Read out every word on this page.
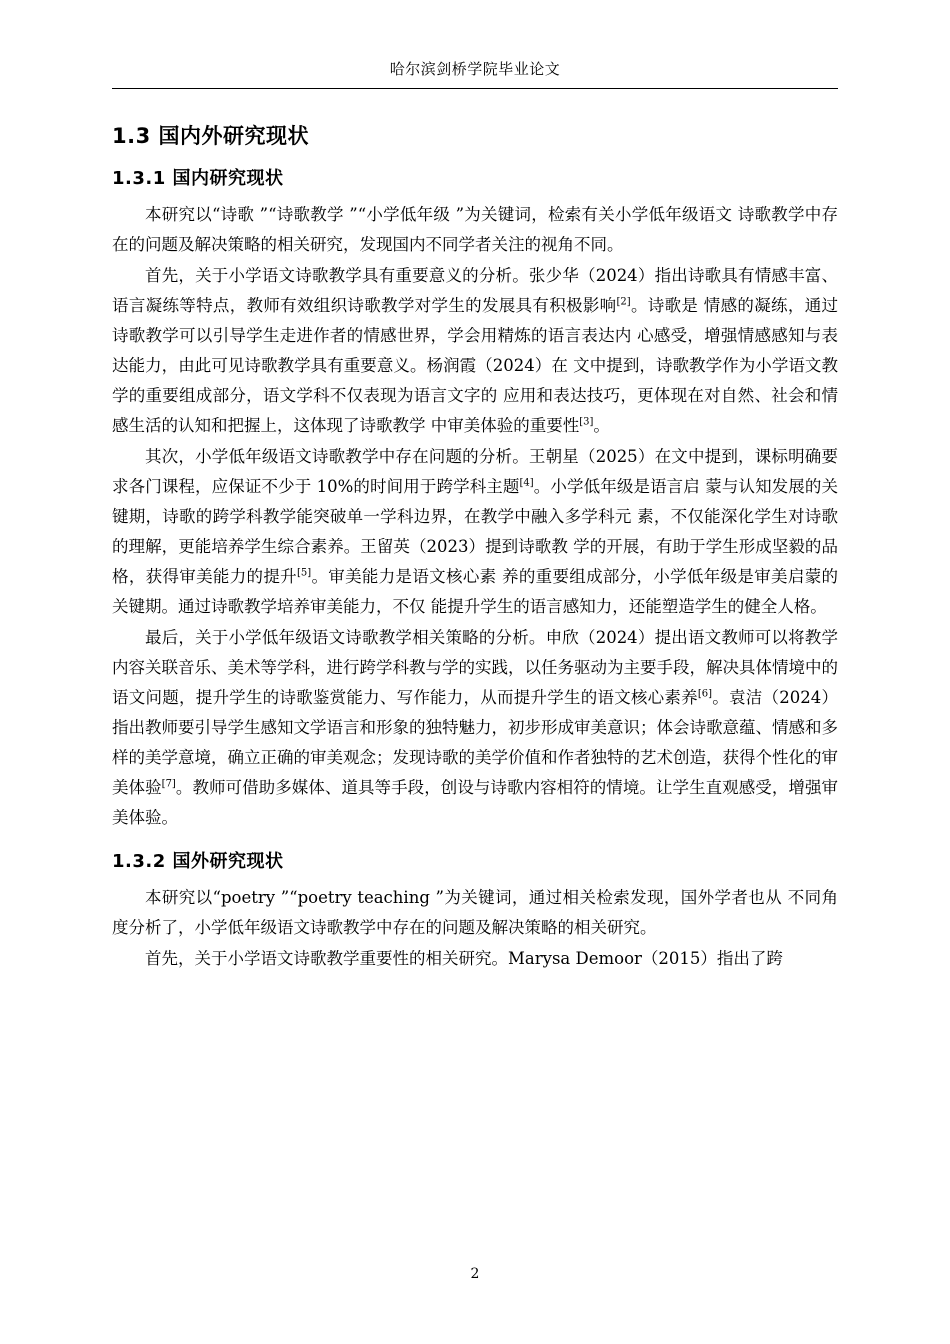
哈尔滨剑桥学院毕业论文
1.3 国内外研究现状
1.3.1 国内研究现状

本研究以“诗歌 ”“诗歌教学 ”“小学低年级 ”为关键词，检索有关小学低年级语文 诗歌教学中存在的问题及解决策略的相关研究，发现国内不同学者关注的视角不同。

首先，关于小学语文诗歌教学具有重要意义的分析。张少华（2024）指出诗歌具有情感丰富、语言凝练等特点，教师有效组织诗歌教学对学生的发展具有积极影响[2]。诗歌是 情感的凝练，通过诗歌教学可以引导学生走进作者的情感世界，学会用精炼的语言表达内 心感受，增强情感感知与表达能力，由此可见诗歌教学具有重要意义。杨润霞（2024）在 文中提到，诗歌教学作为小学语文教学的重要组成部分，语文学科不仅表现为语言文字的 应用和表达技巧，更体现在对自然、社会和情感生活的认知和把握上，这体现了诗歌教学 中审美体验的重要性[3]。

其次，小学低年级语文诗歌教学中存在问题的分析。王朝星（2025）在文中提到，课标明确要求各门课程，应保证不少于 10%的时间用于跨学科主题[4]。小学低年级是语言启 蒙与认知发展的关键期，诗歌的跨学科教学能突破单一学科边界，在教学中融入多学科元 素，不仅能深化学生对诗歌的理解，更能培养学生综合素养。王留英（2023）提到诗歌教 学的开展，有助于学生形成坚毅的品格，获得审美能力的提升[5]。审美能力是语文核心素 养的重要组成部分，小学低年级是审美启蒙的关键期。通过诗歌教学培养审美能力，不仅 能提升学生的语言感知力，还能塑造学生的健全人格。

最后，关于小学低年级语文诗歌教学相关策略的分析。申欣（2024）提出语文教师可以将教学内容关联音乐、美术等学科，进行跨学科教与学的实践，以任务驱动为主要手段，解决具体情境中的语文问题，提升学生的诗歌鉴赏能力、写作能力，从而提升学生的语文核心素养[6]。袁洁（2024）指出教师要引导学生感知文学语言和形象的独特魅力，初步形成审美意识；体会诗歌意蕴、情感和多样的美学意境，确立正确的审美观念；发现诗歌的美学价值和作者独特的艺术创造，获得个性化的审美体验[7]。教师可借助多媒体、道具等手段，创设与诗歌内容相符的情境。让学生直观感受，增强审美体验。

1.3.2 国外研究现状

本研究以“poetry ”“poetry teaching ”为关键词，通过相关检索发现，国外学者也从 不同角度分析了，小学低年级语文诗歌教学中存在的问题及解决策略的相关研究。

首先，关于小学语文诗歌教学重要性的相关研究。Marysa Demoor（2015）指出了跨

2
